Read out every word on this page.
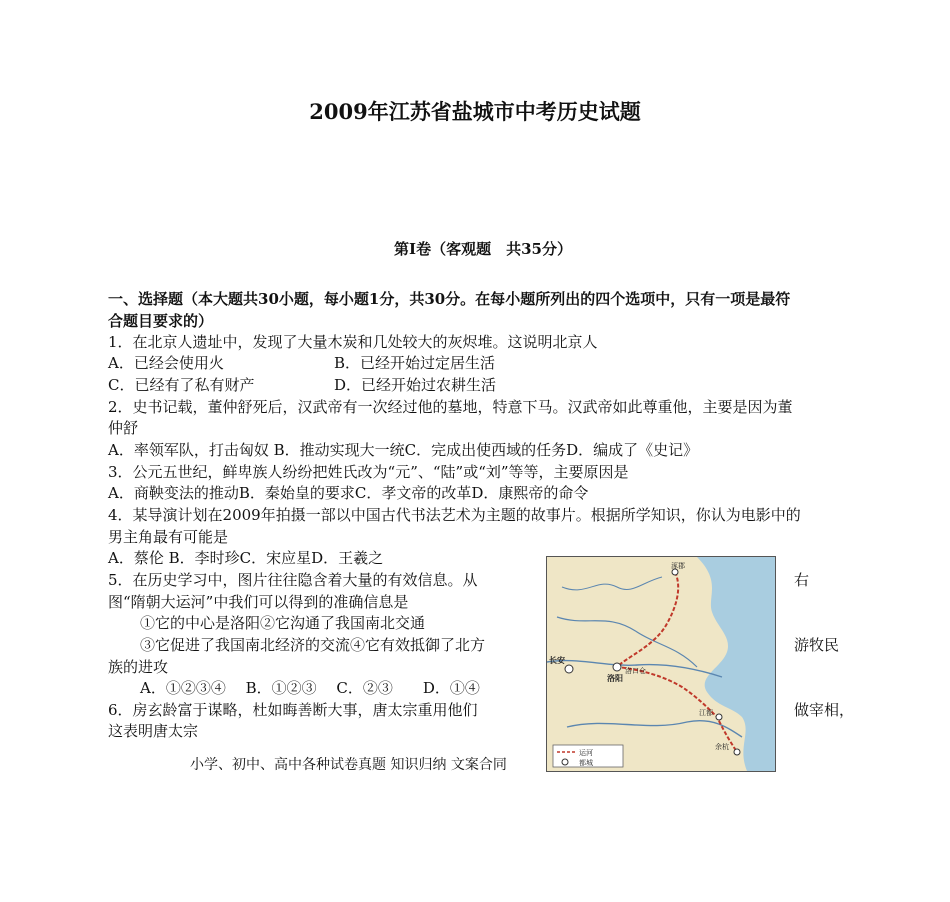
2009年江苏省盐城市中考历史试题
第Ⅰ卷（客观题　共35分）
一、选择题（本大题共30小题，每小题1分，共30分。在每小题所列出的四个选项中，只有一项是最符
合题目要求的）
1．在北京人遗址中，发现了大量木炭和几处较大的灰烬堆。这说明北京人
A．已经会使用火	B．已经开始过定居生活
C．已经有了私有财产	D．已经开始过农耕生活
2．史书记载，董仲舒死后，汉武帝有一次经过他的墓地，特意下马。汉武帝如此尊重他，主要是因为董
仲舒
A．率领军队，打击匈奴 B．推动实现大一统C．完成出使西域的任务D．编成了《史记》
3．公元五世纪，鲜卑族人纷纷把姓氏改为“元”、“陆”或“刘”等等，主要原因是
A．商鞅变法的推动B．秦始皇的要求C．孝文帝的改革D．康熙帝的命令
4．某导演计划在2009年拍摄一部以中国古代书法艺术为主题的故事片。根据所学知识，你认为电影中的
男主角最有可能是
A．蔡伦 B．李时珍C．宋应星D．王羲之
5．在历史学习中，图片往往隐含着大量的有效信息。从	右
图“隋朝大运河”中我们可以得到的准确信息是
①它的中心是洛阳②它沟通了我国南北交通
③它促进了我国南北经济的交流④它有效抵御了北方	游牧民
族的进攻
A．①②③④　 B．①②③　 C．②③　　D．①④
6．房玄龄富于谋略，杜如晦善断大事，唐太宗重用他们	做宰相，
这表明唐太宗
涿郡
长安
洛阳
洛口仓
江都
余杭
运河
都城
小学、初中、高中各种试卷真题 知识归纳 文案合同
